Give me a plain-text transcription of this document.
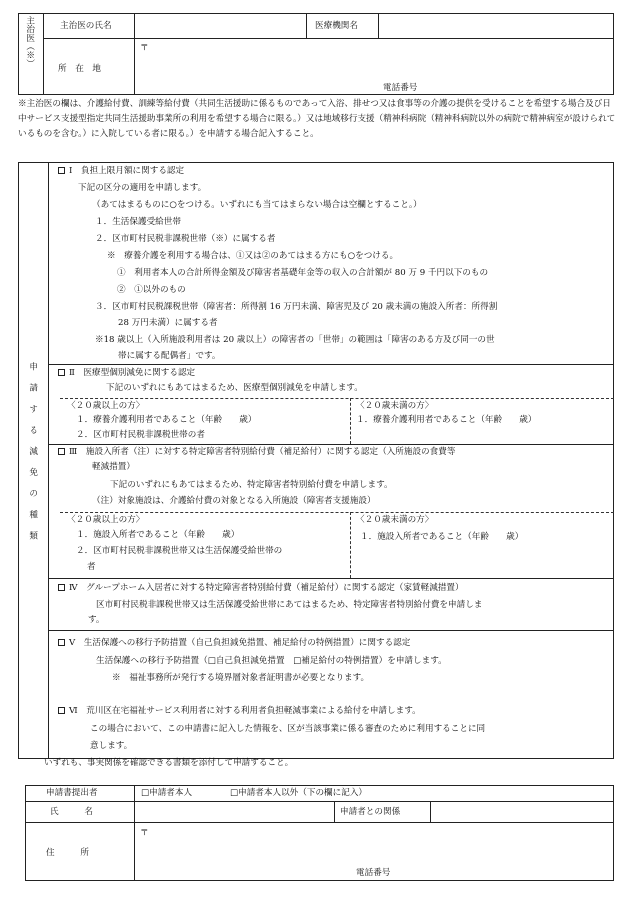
主治医（※）	主治医の氏名	医療機関名
所　在　地
〒
電話番号
※主治医の欄は、介護給付費、訓練等給付費（共同生活援助に係るものであって入浴、排せつ又は食事等の介護の提供を受けることを希望する場合及び日中サービス支援型指定共同生活援助事業所の利用を希望する場合に限る。）又は地域移行支援（精神科病院（精神科病院以外の病院で精神病室が設けられているものを含む。）に入院している者に限る。）を申請する場合記入すること。
申請する減免の種類
Ⅰ　負担上限月額に関する認定
下記の区分の適用を申請します。
（あてはまるものに○をつける。いずれにも当てはまらない場合は空欄とすること。）
１．生活保護受給世帯
２．区市町村民税非課税世帯（※）に属する者
※　療養介護を利用する場合は、①又は②のあてはまる方にも○をつける。
①　利用者本人の合計所得金額及び障害者基礎年金等の収入の合計額が 80 万 9 千円以下のもの
②　①以外のもの
３．区市町村民税課税世帯（障害者：所得割 16 万円未満、障害児及び 20 歳未満の施設入所者：所得割
28 万円未満）に属する者
※18 歳以上（入所施設利用者は 20 歳以上）の障害者の「世帯」の範囲は「障害のある方及び同一の世
帯に属する配偶者」です。
Ⅱ　医療型個別減免に関する認定
下記のいずれにもあてはまるため、医療型個別減免を申請します。
〈２０歳以上の方〉
１．療養介護利用者であること（年齢　　歳）
２．区市町村民税非課税世帯の者
〈２０歳未満の方〉
１．療養介護利用者であること（年齢　　歳）
Ⅲ　施設入所者（注）に対する特定障害者特別給付費（補足給付）に関する認定（入所施設の食費等
軽減措置）
下記のいずれにもあてはまるため、特定障害者特別給付費を申請します。
（注）対象施設は、介護給付費の対象となる入所施設（障害者支援施設）
〈２０歳以上の方〉
１．施設入所者であること（年齢　　歳）
２．区市町村民税非課税世帯又は生活保護受給世帯の
者
〈２０歳未満の方〉
１．施設入所者であること（年齢　　歳）
Ⅳ　グループホーム入居者に対する特定障害者特別給付費（補足給付）に関する認定（家賃軽減措置）
区市町村民税非課税世帯又は生活保護受給世帯にあてはまるため、特定障害者特別給付費を申請しま
す。
Ⅴ　生活保護への移行予防措置（自己負担減免措置、補足給付の特例措置）に関する認定
生活保護への移行予防措置（□自己負担減免措置　□補足給付の特例措置）を申請します。
※　福祉事務所が発行する境界層対象者証明書が必要となります。
Ⅵ　荒川区在宅福祉サービス利用者に対する利用者負担軽減事業による給付を申請します。
この場合において、この申請書に記入した情報を、区が当該事業に係る審査のために利用することに同
意します。
いずれも、事実関係を確認できる書類を添付して申請すること。
申請書提出者	□申請者本人	□申請者本人以外（下の欄に記入）
氏　　　名	申請者との関係
住　　　所
〒
電話番号
